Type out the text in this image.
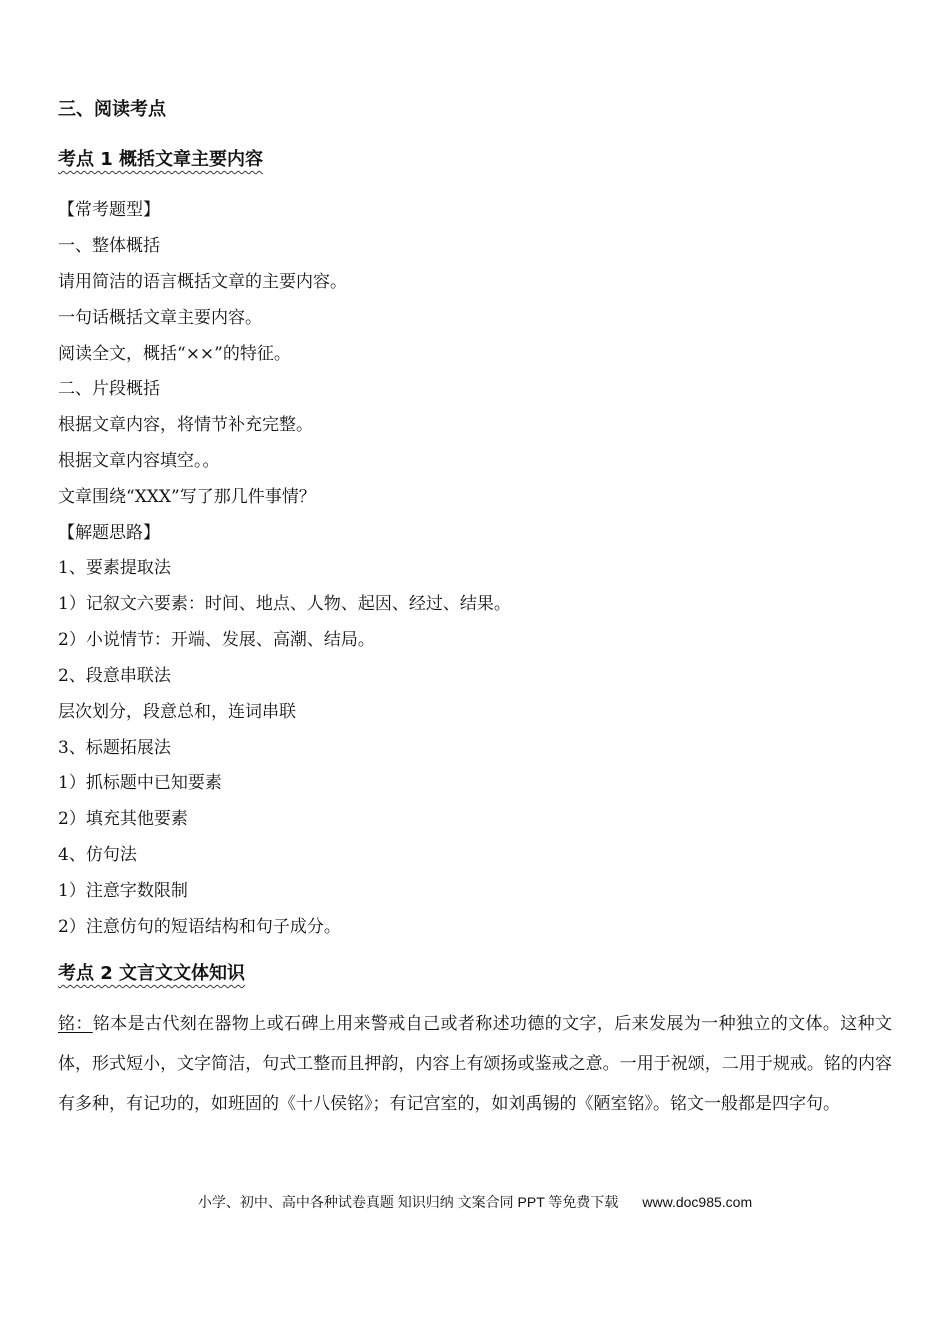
三、阅读考点
考点 1 概括文章主要内容
【常考题型】
一、整体概括
请用简洁的语言概括文章的主要内容。
一句话概括文章主要内容。
阅读全文，概括“××”的特征。
二、片段概括
根据文章内容，将情节补充完整。
根据文章内容填空。。
文章围绕“XXX”写了那几件事情？
【解题思路】
1、要素提取法
1）记叙文六要素：时间、地点、人物、起因、经过、结果。
2）小说情节：开端、发展、高潮、结局。
2、段意串联法
层次划分，段意总和，连词串联
3、标题拓展法
1）抓标题中已知要素
2）填充其他要素
4、仿句法
1）注意字数限制
2）注意仿句的短语结构和句子成分。
考点 2 文言文文体知识
铭：铭本是古代刻在器物上或石碑上用来警戒自己或者称述功德的文字，后来发展为一种独立的文体。这种文体，形式短小，文字简洁，句式工整而且押韵，内容上有颂扬或鉴戒之意。一用于祝颂，二用于规戒。铭的内容有多种，有记功的，如班固的《十八侯铭》；有记宫室的，如刘禹锡的《陋室铭》。铭文一般都是四字句。
小学、初中、高中各种试卷真题 知识归纳 文案合同 PPT 等免费下载 www.doc985.com
